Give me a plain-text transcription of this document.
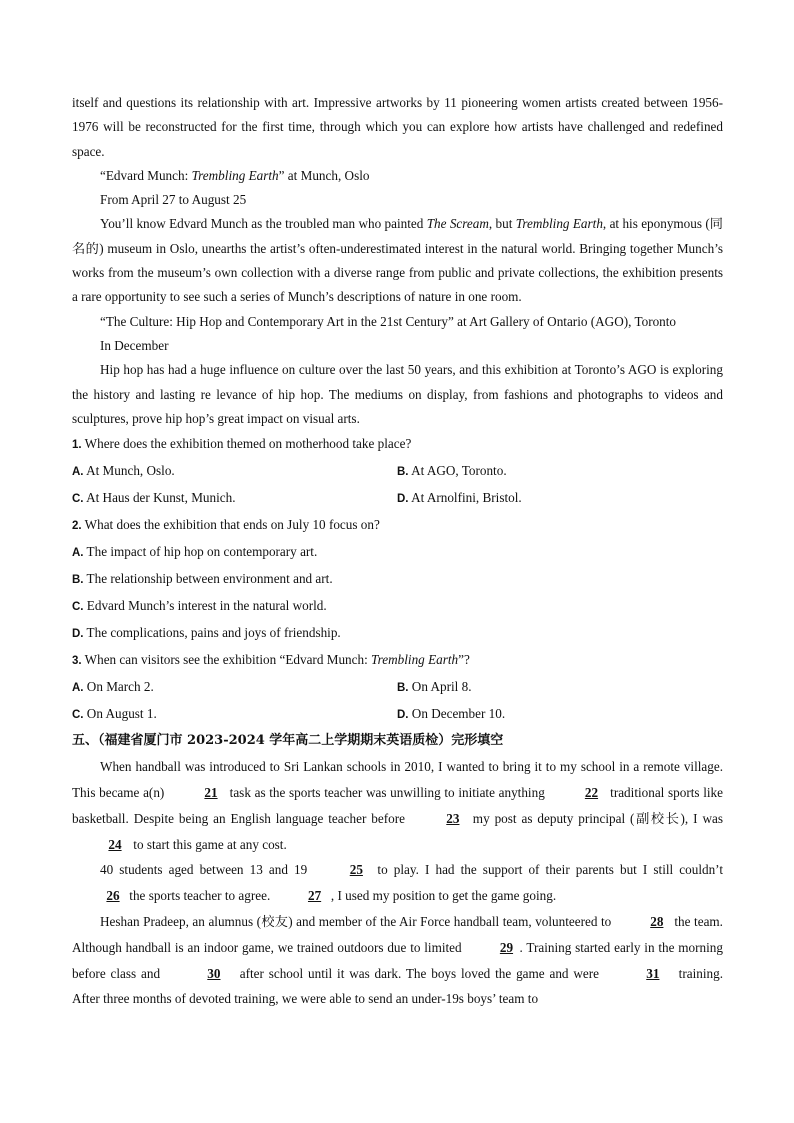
itself and questions its relationship with art. Impressive artworks by 11 pioneering women artists created between 1956-1976 will be reconstructed for the first time, through which you can explore how artists have challenged and redefined space.

“Edvard Munch: Trembling Earth” at Munch, Oslo

From April 27 to August 25

You’ll know Edvard Munch as the troubled man who painted The Scream, but Trembling Earth, at his eponymous (同名的) museum in Oslo, unearths the artist’s often-underestimated interest in the natural world. Bringing together Munch’s works from the museum’s own collection with a diverse range from public and private collections, the exhibition presents a rare opportunity to see such a series of Munch’s descriptions of nature in one room.

“The Culture: Hip Hop and Contemporary Art in the 21st Century” at Art Gallery of Ontario (AGO), Toronto

In December

Hip hop has had a huge influence on culture over the last 50 years, and this exhibition at Toronto’s AGO is exploring the history and lasting re levance of hip hop. The mediums on display, from fashions and photographs to videos and sculptures, prove hip hop’s great impact on visual arts.

1. Where does the exhibition themed on motherhood take place?

A. At Munch, Oslo.	B. At AGO, Toronto.
C. At Haus der Kunst, Munich.	D. At Arnolfini, Bristol.

2. What does the exhibition that ends on July 10 focus on?

A. The impact of hip hop on contemporary art.

B. The relationship between environment and art.

C. Edvard Munch’s interest in the natural world.

D. The complications, pains and joys of friendship.

3. When can visitors see the exhibition “Edvard Munch: Trembling Earth”?

A. On March 2.	B. On April 8.
C. On August 1.	D. On December 10.

五、（福建省厦门市 2023-2024 学年高二上学期期末英语质检）完形填空

When handball was introduced to Sri Lankan schools in 2010, I wanted to bring it to my school in a remote village. This became a(n)	21 task as the sports teacher was unwilling to initiate anything	22 traditional sports like basketball. Despite being an English language teacher before	23 my post as deputy principal (副校长), I was 24 to start this game at any cost.

40 students aged between 13 and 19	25 to play. I had the support of their parents but I still couldn’t 26 the sports teacher to agree.	27 , I used my position to get the game going.

Heshan Pradeep, an alumnus (校友) and member of the Air Force handball team, volunteered to	28 the team. Although handball is an indoor game, we trained outdoors due to limited	29 . Training started early in the morning before class and	30 after school until it was dark. The boys loved the game and were	31 training. After three months of devoted training, we were able to send an under-19s boys’ team to
